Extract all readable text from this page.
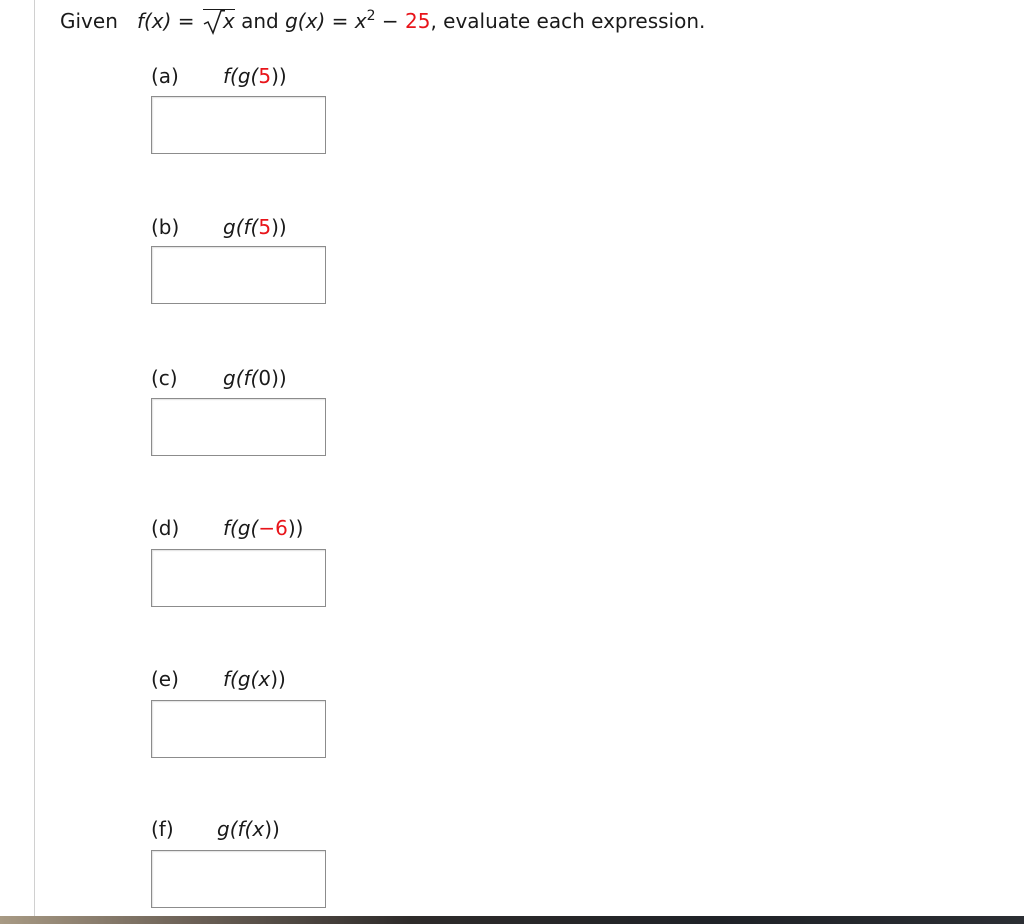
Given f(x) =
x and $g(x) = x^2 - 25$, evaluate each expression.
(a) f(g(5))
(b) g(f(5))
(c) g(f(0))
(d) f(g(−6))
(e) f(g(x))
(f) g(f(x))
